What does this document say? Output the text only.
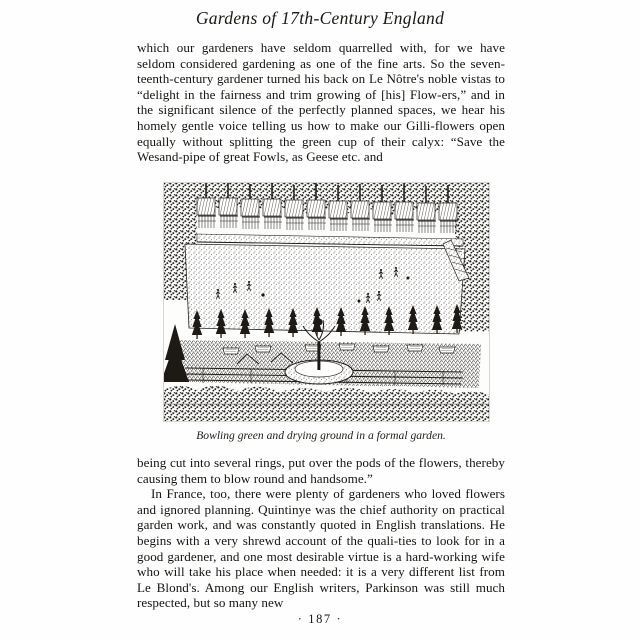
Gardens of 17th-Century England

which our gardeners have seldom quarrelled with, for we have seldom considered gardening as one of the fine arts. So the seven-teenth-century gardener turned his back on Le Nôtre's noble vistas to “delight in the fairness and trim growing of [his] Flow-ers,” and in the significant silence of the perfectly planned spaces, we hear his homely gentle voice telling us how to make our Gilli-flowers open equally without splitting the green cup of their calyx: “Save the Wesand-pipe of great Fowls, as Geese etc. and

Bowling green and drying ground in a formal garden.

being cut into several rings, put over the pods of the flowers, thereby causing them to blow round and handsome.”

In France, too, there were plenty of gardeners who loved flowers and ignored planning. Quintinye was the chief authority on practical garden work, and was constantly quoted in English translations. He begins with a very shrewd account of the quali-ties to look for in a good gardener, and one most desirable virtue is a hard-working wife who will take his place when needed: it is a very different list from Le Blond's. Among our English writers, Parkinson was still much respected, but so many new

· 187 ·
